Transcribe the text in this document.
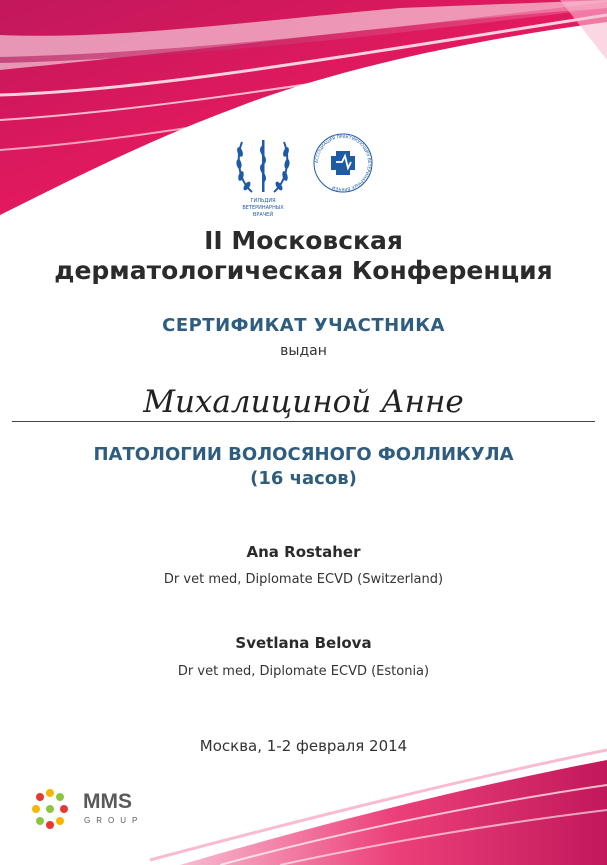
ГИЛЬДИЯ
ВЕТЕРИНАРНЫХ
ВРАЧЕЙ
АССОЦИАЦИЯ ПРАКТИКУЮЩИХ ВЕТЕРИНАРНЫХ ВРАЧЕЙ
II Московская
дерматологическая Конференция
СЕРТИФИКАТ УЧАСТНИКА
выдан
Михалициной Анне
ПАТОЛОГИИ ВОЛОСЯНОГО ФОЛЛИКУЛА
(16 часов)
Ana Rostaher
Dr vet med, Diplomate ECVD (Switzerland)
Svetlana Belova
Dr vet med, Diplomate ECVD (Estonia)
Москва, 1-2 февраля 2014
MMS
GROUP
